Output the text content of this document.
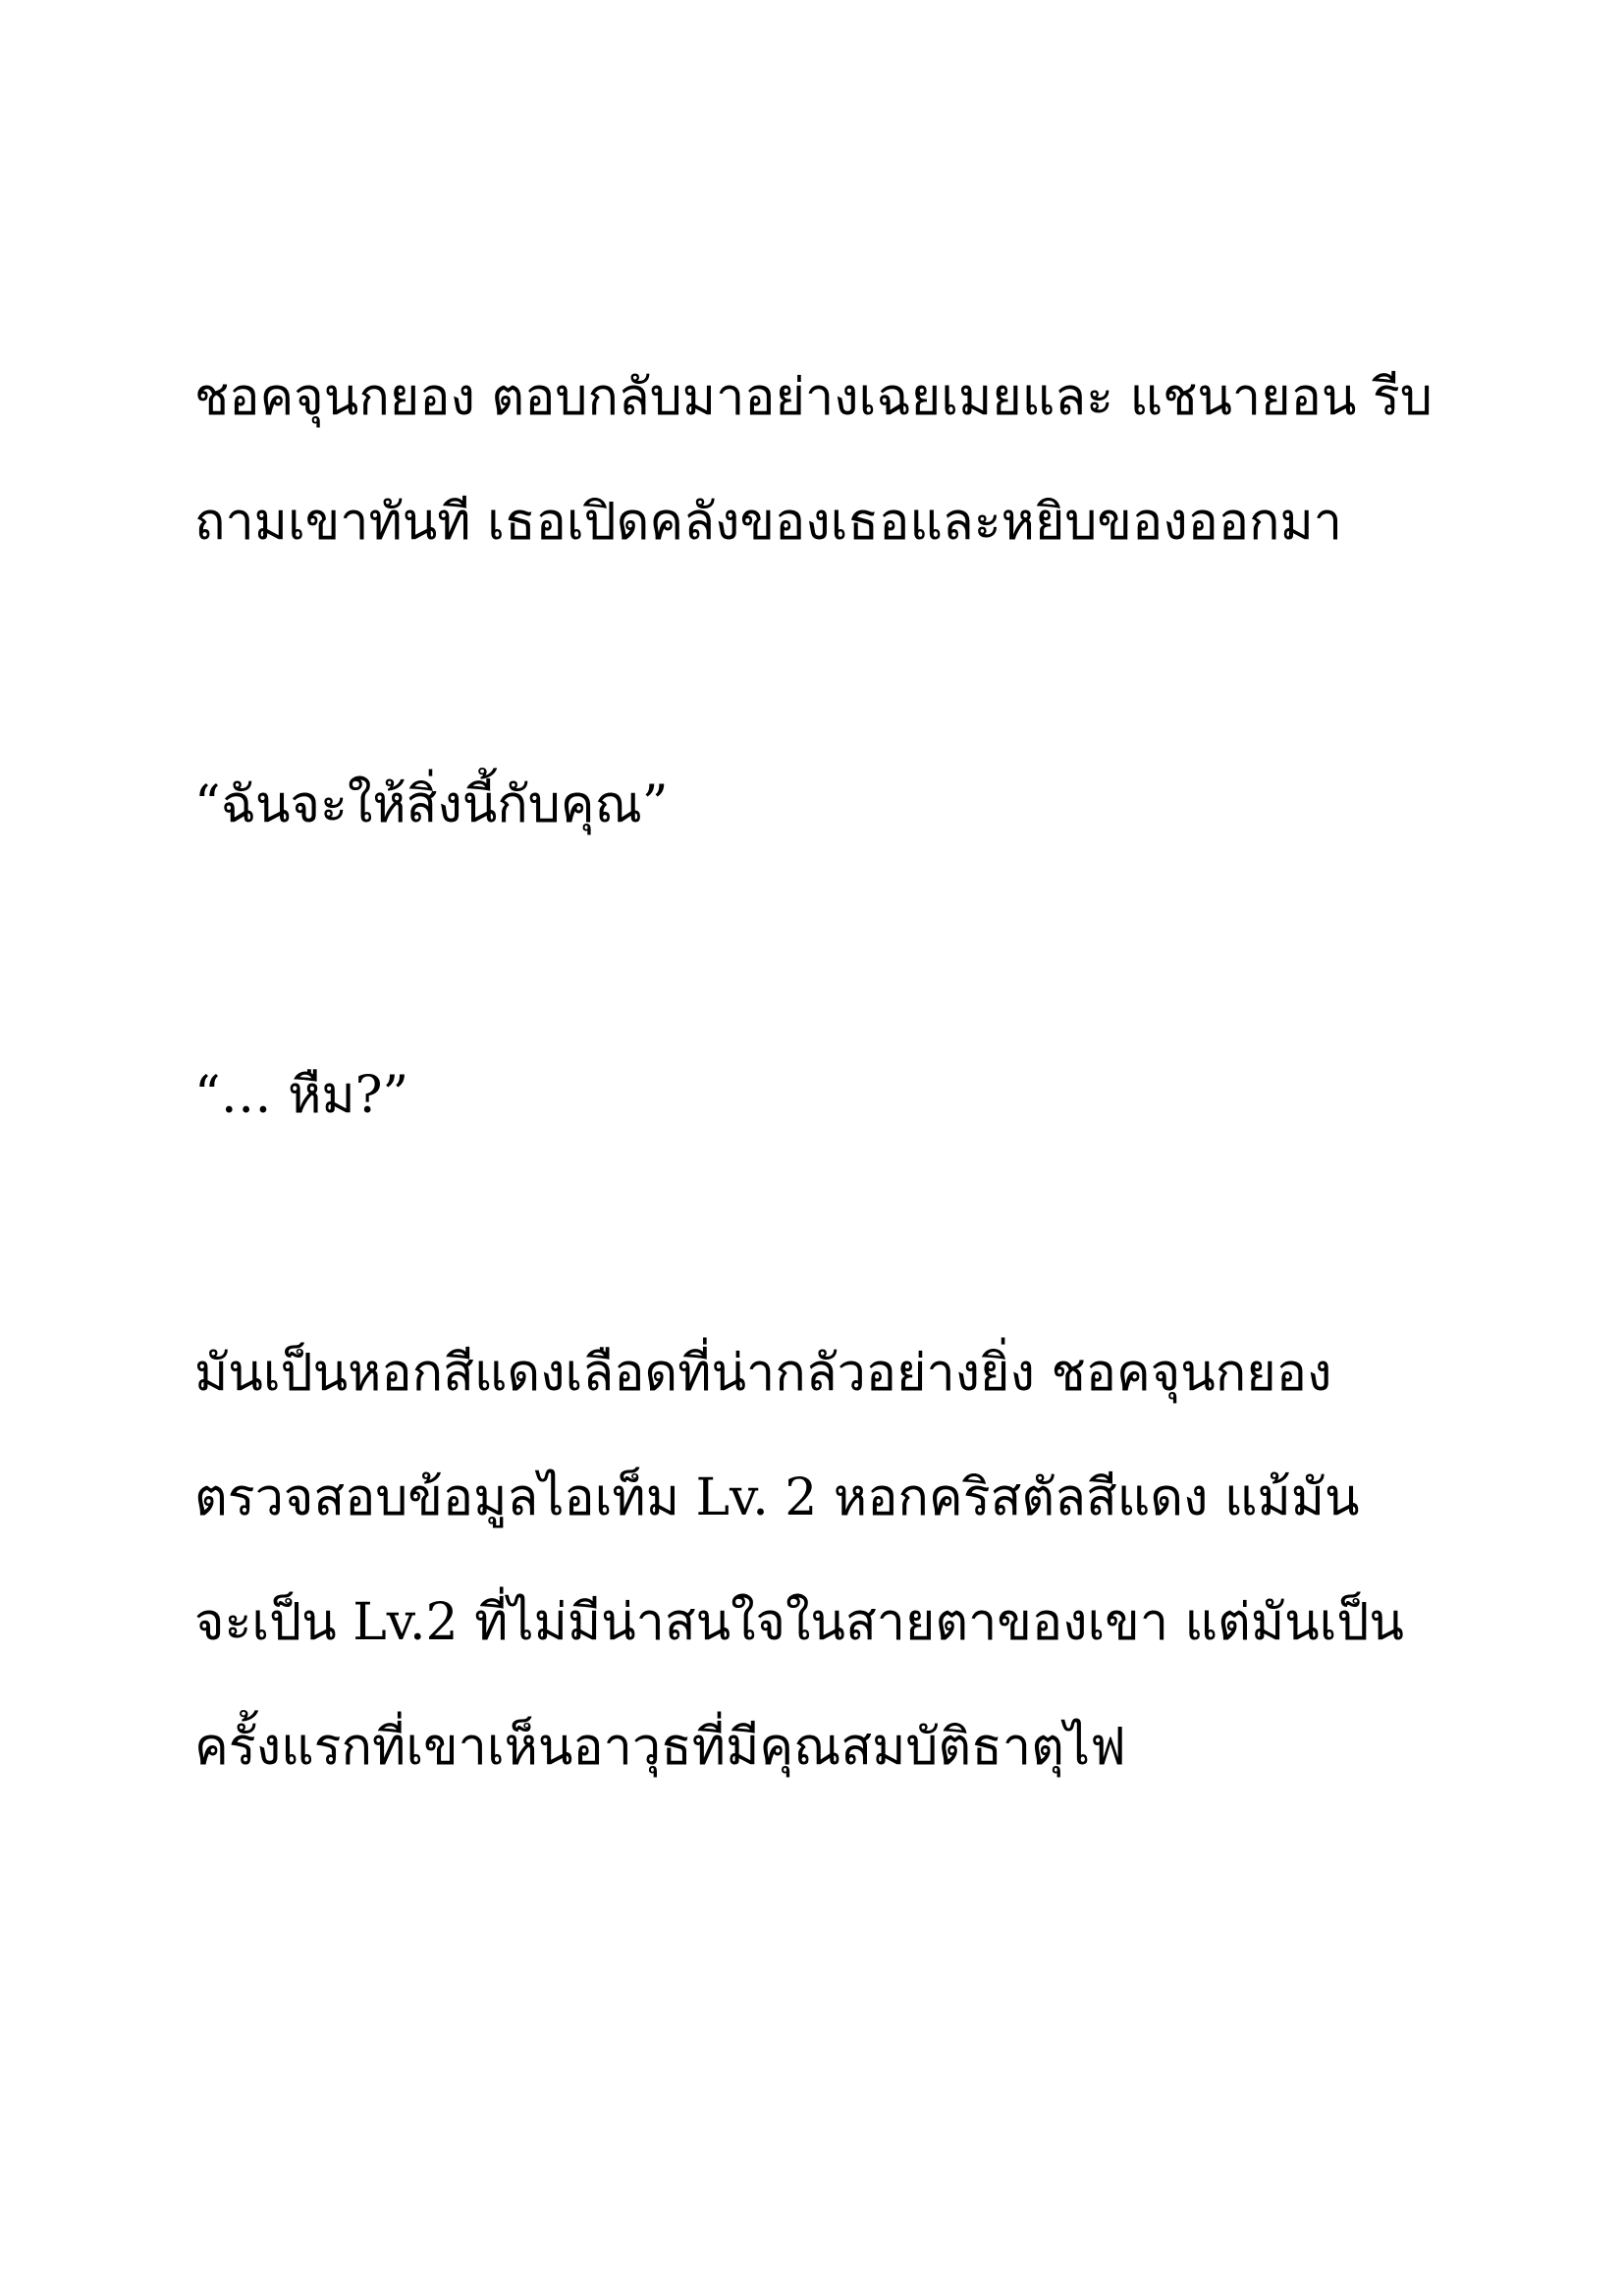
ชอคจุนกยอง ตอบกลับมาอย่างเฉยเมยและ แชนายอน รีบ

ถามเขาทันที เธอเปิดคลังของเธอและหยิบของออกมา

“ฉันจะให้สิ่งนี้กับคุณ”

“… หืม?”

มันเป็นหอกสีแดงเลือดที่น่ากลัวอย่างยิ่ง ชอคจุนกยอง

ตรวจสอบข้อมูลไอเท็ม Lv. 2 หอกคริสตัลสีแดง แม้มัน

จะเป็น Lv.2 ที่ไม่มีน่าสนใจในสายตาของเขา แต่มันเป็น

ครั้งแรกที่เขาเห็นอาวุธที่มีคุณสมบัติธาตุไฟ
